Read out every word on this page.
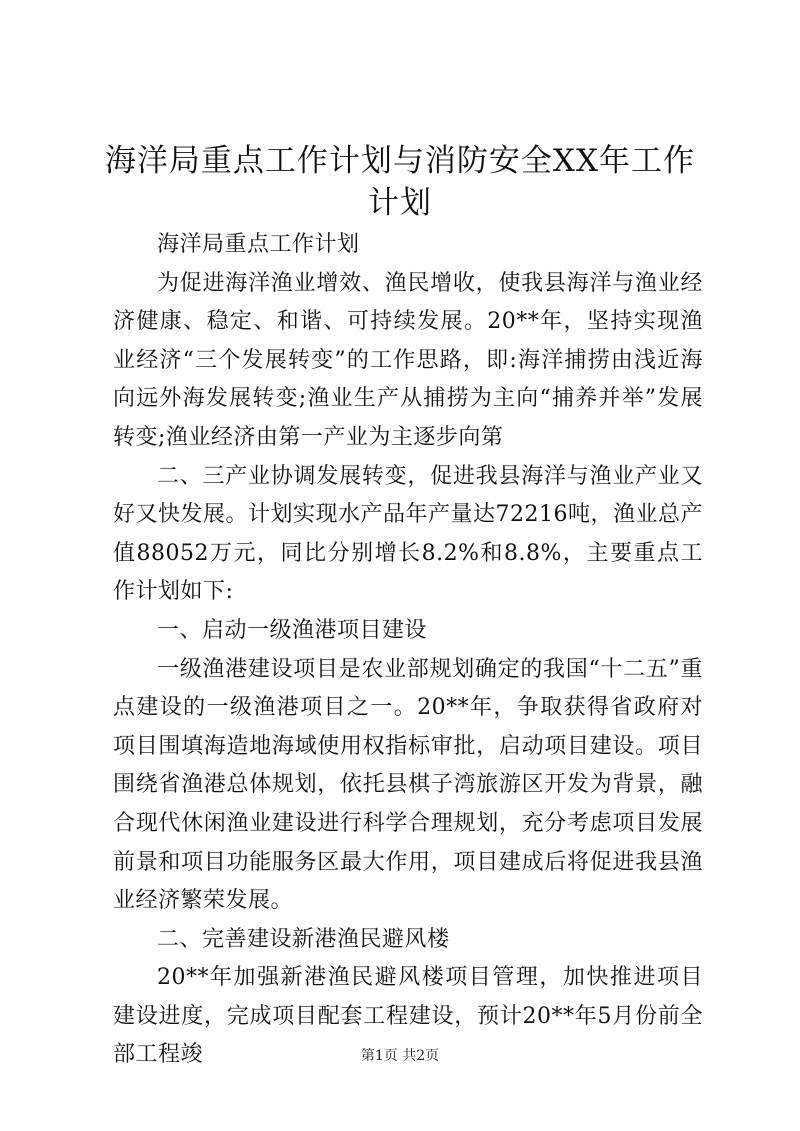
海洋局重点工作计划与消防安全XX年工作计划

海洋局重点工作计划

为促进海洋渔业增效、渔民增收，使我县海洋与渔业经济健康、稳定、和谐、可持续发展。20**年，坚持实现渔业经济“三个发展转变”的工作思路，即:海洋捕捞由浅近海向远外海发展转变;渔业生产从捕捞为主向“捕养并举”发展转变;渔业经济由第一产业为主逐步向第

二、三产业协调发展转变，促进我县海洋与渔业产业又好又快发展。计划实现水产品年产量达72216吨，渔业总产值88052万元，同比分别增长8.2%和8.8%，主要重点工作计划如下:

一、启动一级渔港项目建设

一级渔港建设项目是农业部规划确定的我国“十二五”重点建设的一级渔港项目之一。20**年，争取获得省政府对项目围填海造地海域使用权指标审批，启动项目建设。项目围绕省渔港总体规划，依托县棋子湾旅游区开发为背景，融合现代休闲渔业建设进行科学合理规划，充分考虑项目发展前景和项目功能服务区最大作用，项目建成后将促进我县渔业经济繁荣发展。

二、完善建设新港渔民避风楼

20**年加强新港渔民避风楼项目管理，加快推进项目建设进度，完成项目配套工程建设，预计20**年5月份前全部工程竣	第1页 共2页
